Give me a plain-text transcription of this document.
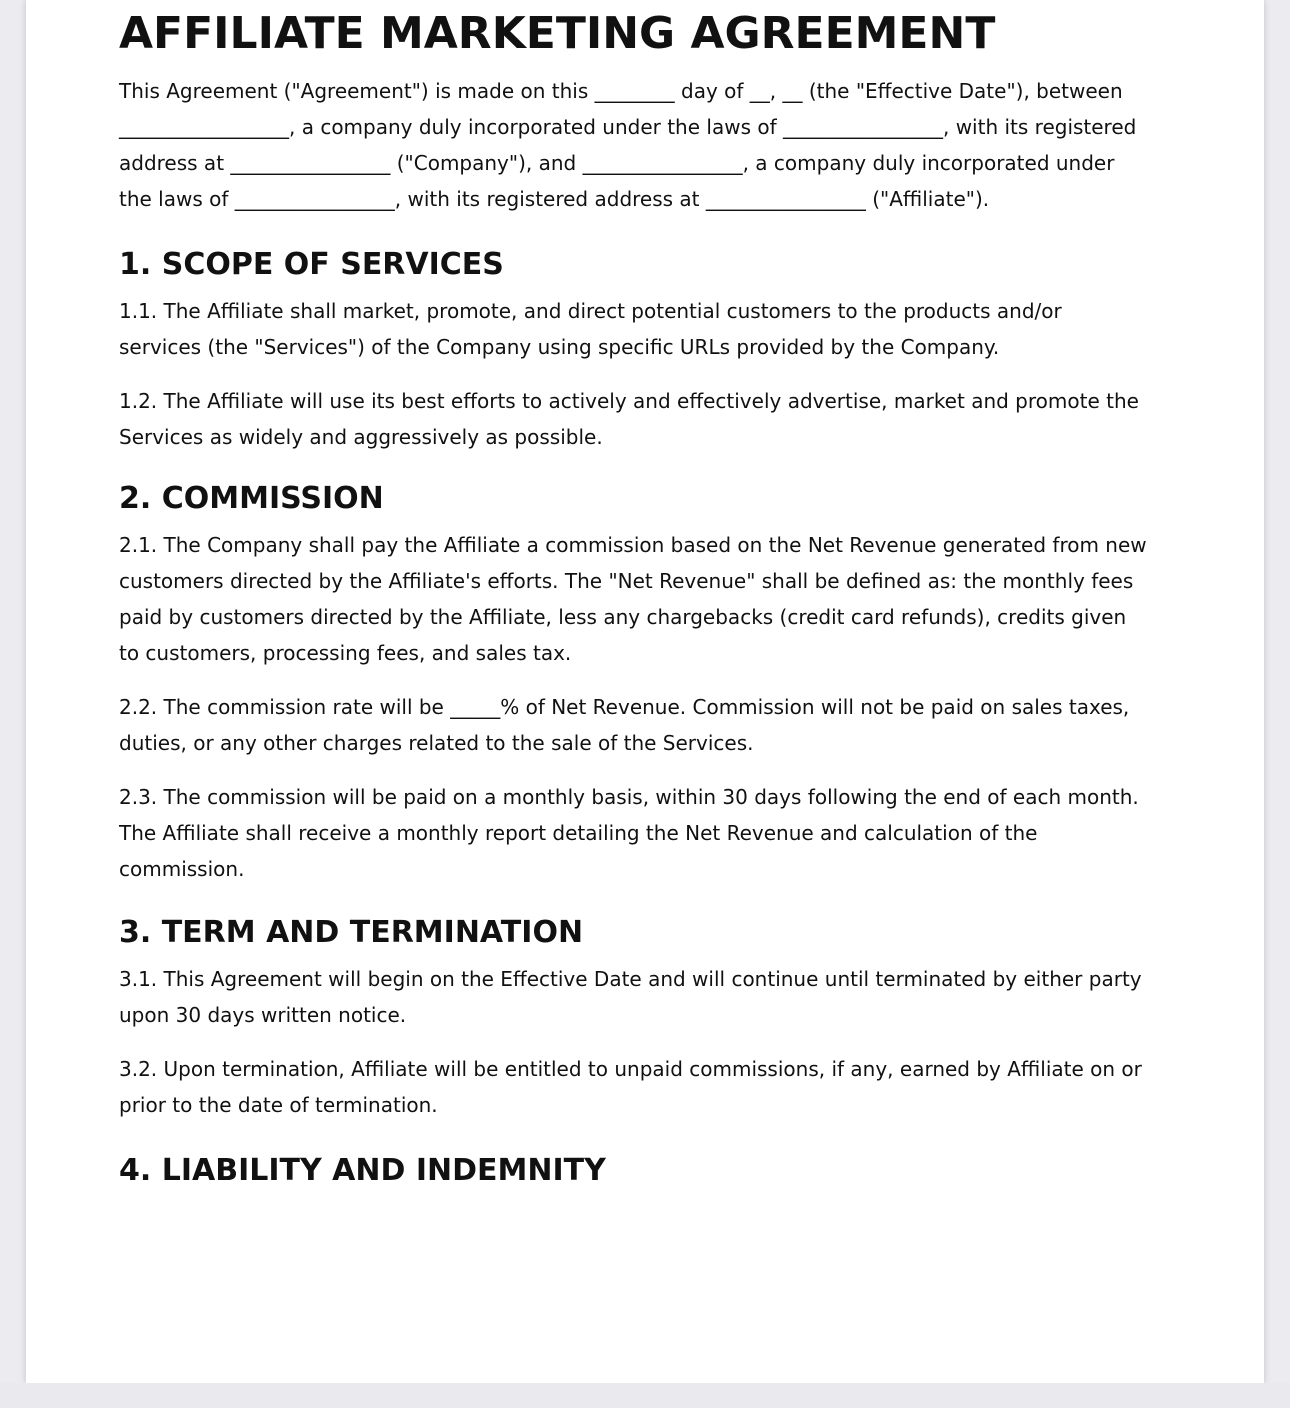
AFFILIATE MARKETING AGREEMENT

This Agreement ("Agreement") is made on this ________ day of __, __ (the "Effective Date"), between _________________, a company duly incorporated under the laws of ________________, with its registered address at ________________ ("Company"), and ________________, a company duly incorporated under the laws of ________________, with its registered address at ________________ ("Affiliate").

1. SCOPE OF SERVICES

1.1. The Affiliate shall market, promote, and direct potential customers to the products and/or services (the "Services") of the Company using specific URLs provided by the Company.

1.2. The Affiliate will use its best efforts to actively and effectively advertise, market and promote the Services as widely and aggressively as possible.

2. COMMISSION

2.1. The Company shall pay the Affiliate a commission based on the Net Revenue generated from new customers directed by the Affiliate's efforts. The "Net Revenue" shall be defined as: the monthly fees paid by customers directed by the Affiliate, less any chargebacks (credit card refunds), credits given to customers, processing fees, and sales tax.

2.2. The commission rate will be _____% of Net Revenue. Commission will not be paid on sales taxes, duties, or any other charges related to the sale of the Services.

2.3. The commission will be paid on a monthly basis, within 30 days following the end of each month. The Affiliate shall receive a monthly report detailing the Net Revenue and calculation of the commission.

3. TERM AND TERMINATION

3.1. This Agreement will begin on the Effective Date and will continue until terminated by either party upon 30 days written notice.

3.2. Upon termination, Affiliate will be entitled to unpaid commissions, if any, earned by Affiliate on or prior to the date of termination.

4. LIABILITY AND INDEMNITY
